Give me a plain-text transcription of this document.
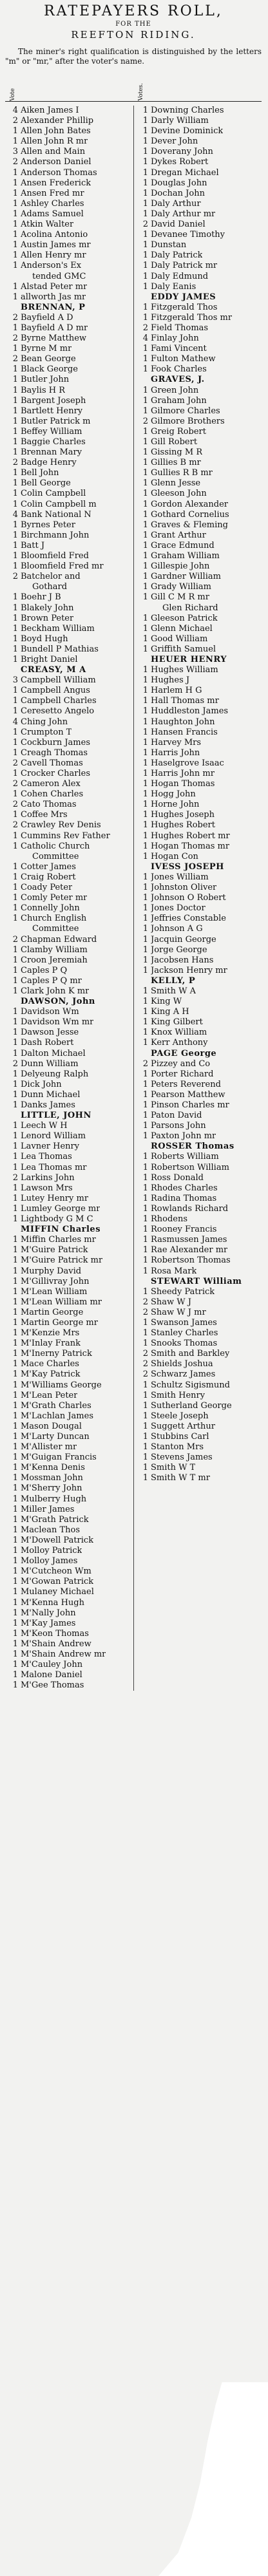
RATEPAYERS ROLL,
FOR THE
REEFTON RIDING.

The miner's right qualification is distinguished by the letters "m" or "mr," after the voter's name.

Vote	Votes.
4 Aiken James I
2 Alexander Phillip
1 Allen John Bates
1 Allen John R mr
3 Allen and Main
2 Anderson Daniel
1 Anderson Thomas
1 Ansen Frederick
1 Ansen Fred mr
1 Ashley Charles
1 Adams Samuel
1 Atkin Walter
1 Acolina Antonio
1 Austin James mr
1 Allen Henry mr
1 Anderson's Ex
tended GMC
1 Alstad Peter mr
1 allworth Jas mr
BRENNAN, P
2 Bayfield A D
1 Bayfield A D mr
2 Byrne Matthew
1 Byrne M mr
2 Bean George
1 Black George
1 Butler John
1 Baylis H R
1 Bargent Joseph
1 Bartlett Henry
1 Butler Patrick m
1 Beffey William
1 Baggie Charles
1 Brennan Mary
2 Badge Henry
1 Bell John
1 Bell George
1 Colin Campbell
1 Colin Campbell m
4 Bank National N
1 Byrnes Peter
1 Birchmann John
1 Batt J
1 Bloomfield Fred
1 Bloomfield Fred mr
2 Batchelor and
Gothard
1 Boehr J B
1 Blakely John
1 Brown Peter
1 Beckham William
1 Boyd Hugh
1 Bundell P Mathias
1 Bright Daniel
CREASY, M A
3 Campbell William
1 Campbell Angus
1 Campbell Charles
1 Ceresetto Angelo
4 Ching John
1 Crumpton T
1 Cockburn James
1 Creagh Thomas
2 Cavell Thomas
1 Crocker Charles
2 Cameron Alex
1 Cohen Charles
2 Cato Thomas
1 Coffee Mrs
2 Crawley Rev Denis
1 Cummins Rev Father
1 Catholic Church
Committee
1 Cotter James
1 Craig Robert
1 Coady Peter
1 Comly Peter mr
1 Connelly John
1 Church English
Committee
2 Chapman Edward
1 Clamby William
1 Croon Jeremiah
1 Caples P Q
1 Caples P Q mr
1 Clark John K mr
DAWSON, John
1 Davidson Wm
1 Davidson Wm mr
1 Dawson Jesse
1 Dash Robert
1 Dalton Michael
2 Dunn William
1 Delyeung Ralph
1 Dick John
1 Dunn Michael
1 Danks James
LITTLE, JOHN
1 Leech W H
1 Lenord William
1 Lavner Henry
1 Lea Thomas
1 Lea Thomas mr
2 Larkins John
1 Lawson Mrs
1 Lutey Henry mr
1 Lumley George mr
1 Lightbody G M C
MIFFIN Charles
1 Miffin Charles mr
1 M'Guire Patrick
1 M'Guire Patrick mr
1 Murphy David
1 M'Gillivray John
1 M'Lean William
1 M'Lean William mr
1 Martin George
1 Martin George mr
1 M'Kenzie Mrs
1 M'Inlay Frank
1 M'Inerny Patrick
1 Mace Charles
1 M'Kay Patrick
1 M'Williams George
1 M'Lean Peter
1 M'Grath Charles
1 M'Lachlan James
1 Mason Dougal
1 M'Larty Duncan
1 M'Allister mr
1 M'Guigan Francis
1 M'Kenna Denis
1 Mossman John
1 M'Sherry John
1 Mulberry Hugh
1 Miller James
1 M'Grath Patrick
1 Maclean Thos
1 M'Dowell Patrick
1 Molloy Patrick
1 Molloy James
1 M'Cutcheon Wm
1 M'Gowan Patrick
1 Mulaney Michael
1 M'Kenna Hugh
1 M'Nally John
1 M'Kay James
1 M'Keon Thomas
1 M'Shain Andrew
1 M'Shain Andrew mr
1 M'Cauley John
1 Malone Daniel
1 M'Gee Thomas
1 Downing Charles
1 Darly William
1 Devine Dominick
1 Dever John
1 Doverany John
1 Dykes Robert
1 Dregan Michael
1 Douglas John
1 Dochan John
1 Daly Arthur
1 Daly Arthur mr
2 David Daniel
1 Devanee Timothy
1 Dunstan
1 Daly Patrick
1 Daly Patrick mr
1 Daly Edmund
1 Daly Eanis
EDDY JAMES
1 Fitzgerald Thos
1 Fitzgerald Thos mr
2 Field Thomas
4 Finlay John
1 Fami Vincent
1 Fulton Mathew
1 Fook Charles
GRAVES, J.
1 Green John
1 Graham John
1 Gilmore Charles
2 Gilmore Brothers
1 Greig Robert
1 Gill Robert
1 Gissing M R
1 Gillies B mr
1 Gullies R B mr
1 Glenn Jesse
1 Gleeson John
1 Gordon Alexander
1 Gothard Cornelius
1 Graves & Fleming
1 Grant Arthur
1 Grace Edmund
1 Graham William
1 Gillespie John
1 Gardner William
1 Grady William
1 Gill C M R mr
Glen Richard
1 Gleeson Patrick
1 Glenn Michael
1 Good William
1 Griffith Samuel
HEUER HENRY
1 Hughes William
1 Hughes J
1 Harlem H G
1 Hall Thomas mr
1 Huddleston James
1 Haughton John
1 Hansen Francis
1 Harvey Mrs
1 Harris John
1 Haselgrove Isaac
1 Harris John mr
1 Hogan Thomas
1 Hogg John
1 Horne John
1 Hughes Joseph
1 Hughes Robert
1 Hughes Robert mr
1 Hogan Thomas mr
1 Hogan Con
IVESS JOSEPH
1 Jones William
1 Johnston Oliver
1 Johnson O Robert
1 Jones Doctor
1 Jeffries Constable
1 Johnson A G
1 Jacquin George
1 Jorge George
1 Jacobsen Hans
1 Jackson Henry mr
KELLY, P
1 Smith W A
1 King W
1 King A H
1 King Gilbert
1 Knox William
1 Kerr Anthony
PAGE George
2 Pizzey and Co
1 Porter Richard
1 Peters Reverend
1 Pearson Matthew
1 Pinson Charles mr
1 Paton David
1 Parsons John
1 Paxton John mr
ROSSER Thomas
1 Roberts William
1 Robertson William
1 Ross Donald
1 Rhodes Charles
1 Radina Thomas
1 Rowlands Richard
1 Rhodens
1 Rooney Francis
1 Rasmussen James
1 Rae Alexander mr
1 Robertson Thomas
1 Rosa Mark
STEWART William
1 Sheedy Patrick
2 Shaw W J
2 Shaw W J mr
1 Swanson James
1 Stanley Charles
1 Snooks Thomas
2 Smith and Barkley
2 Shields Joshua
2 Schwarz James
1 Schultz Sigismund
1 Smith Henry
1 Sutherland George
1 Steele Joseph
1 Suggett Arthur
1 Stubbins Carl
1 Stanton Mrs
1 Stevens James
1 Smith W T
1 Smith W T mr
